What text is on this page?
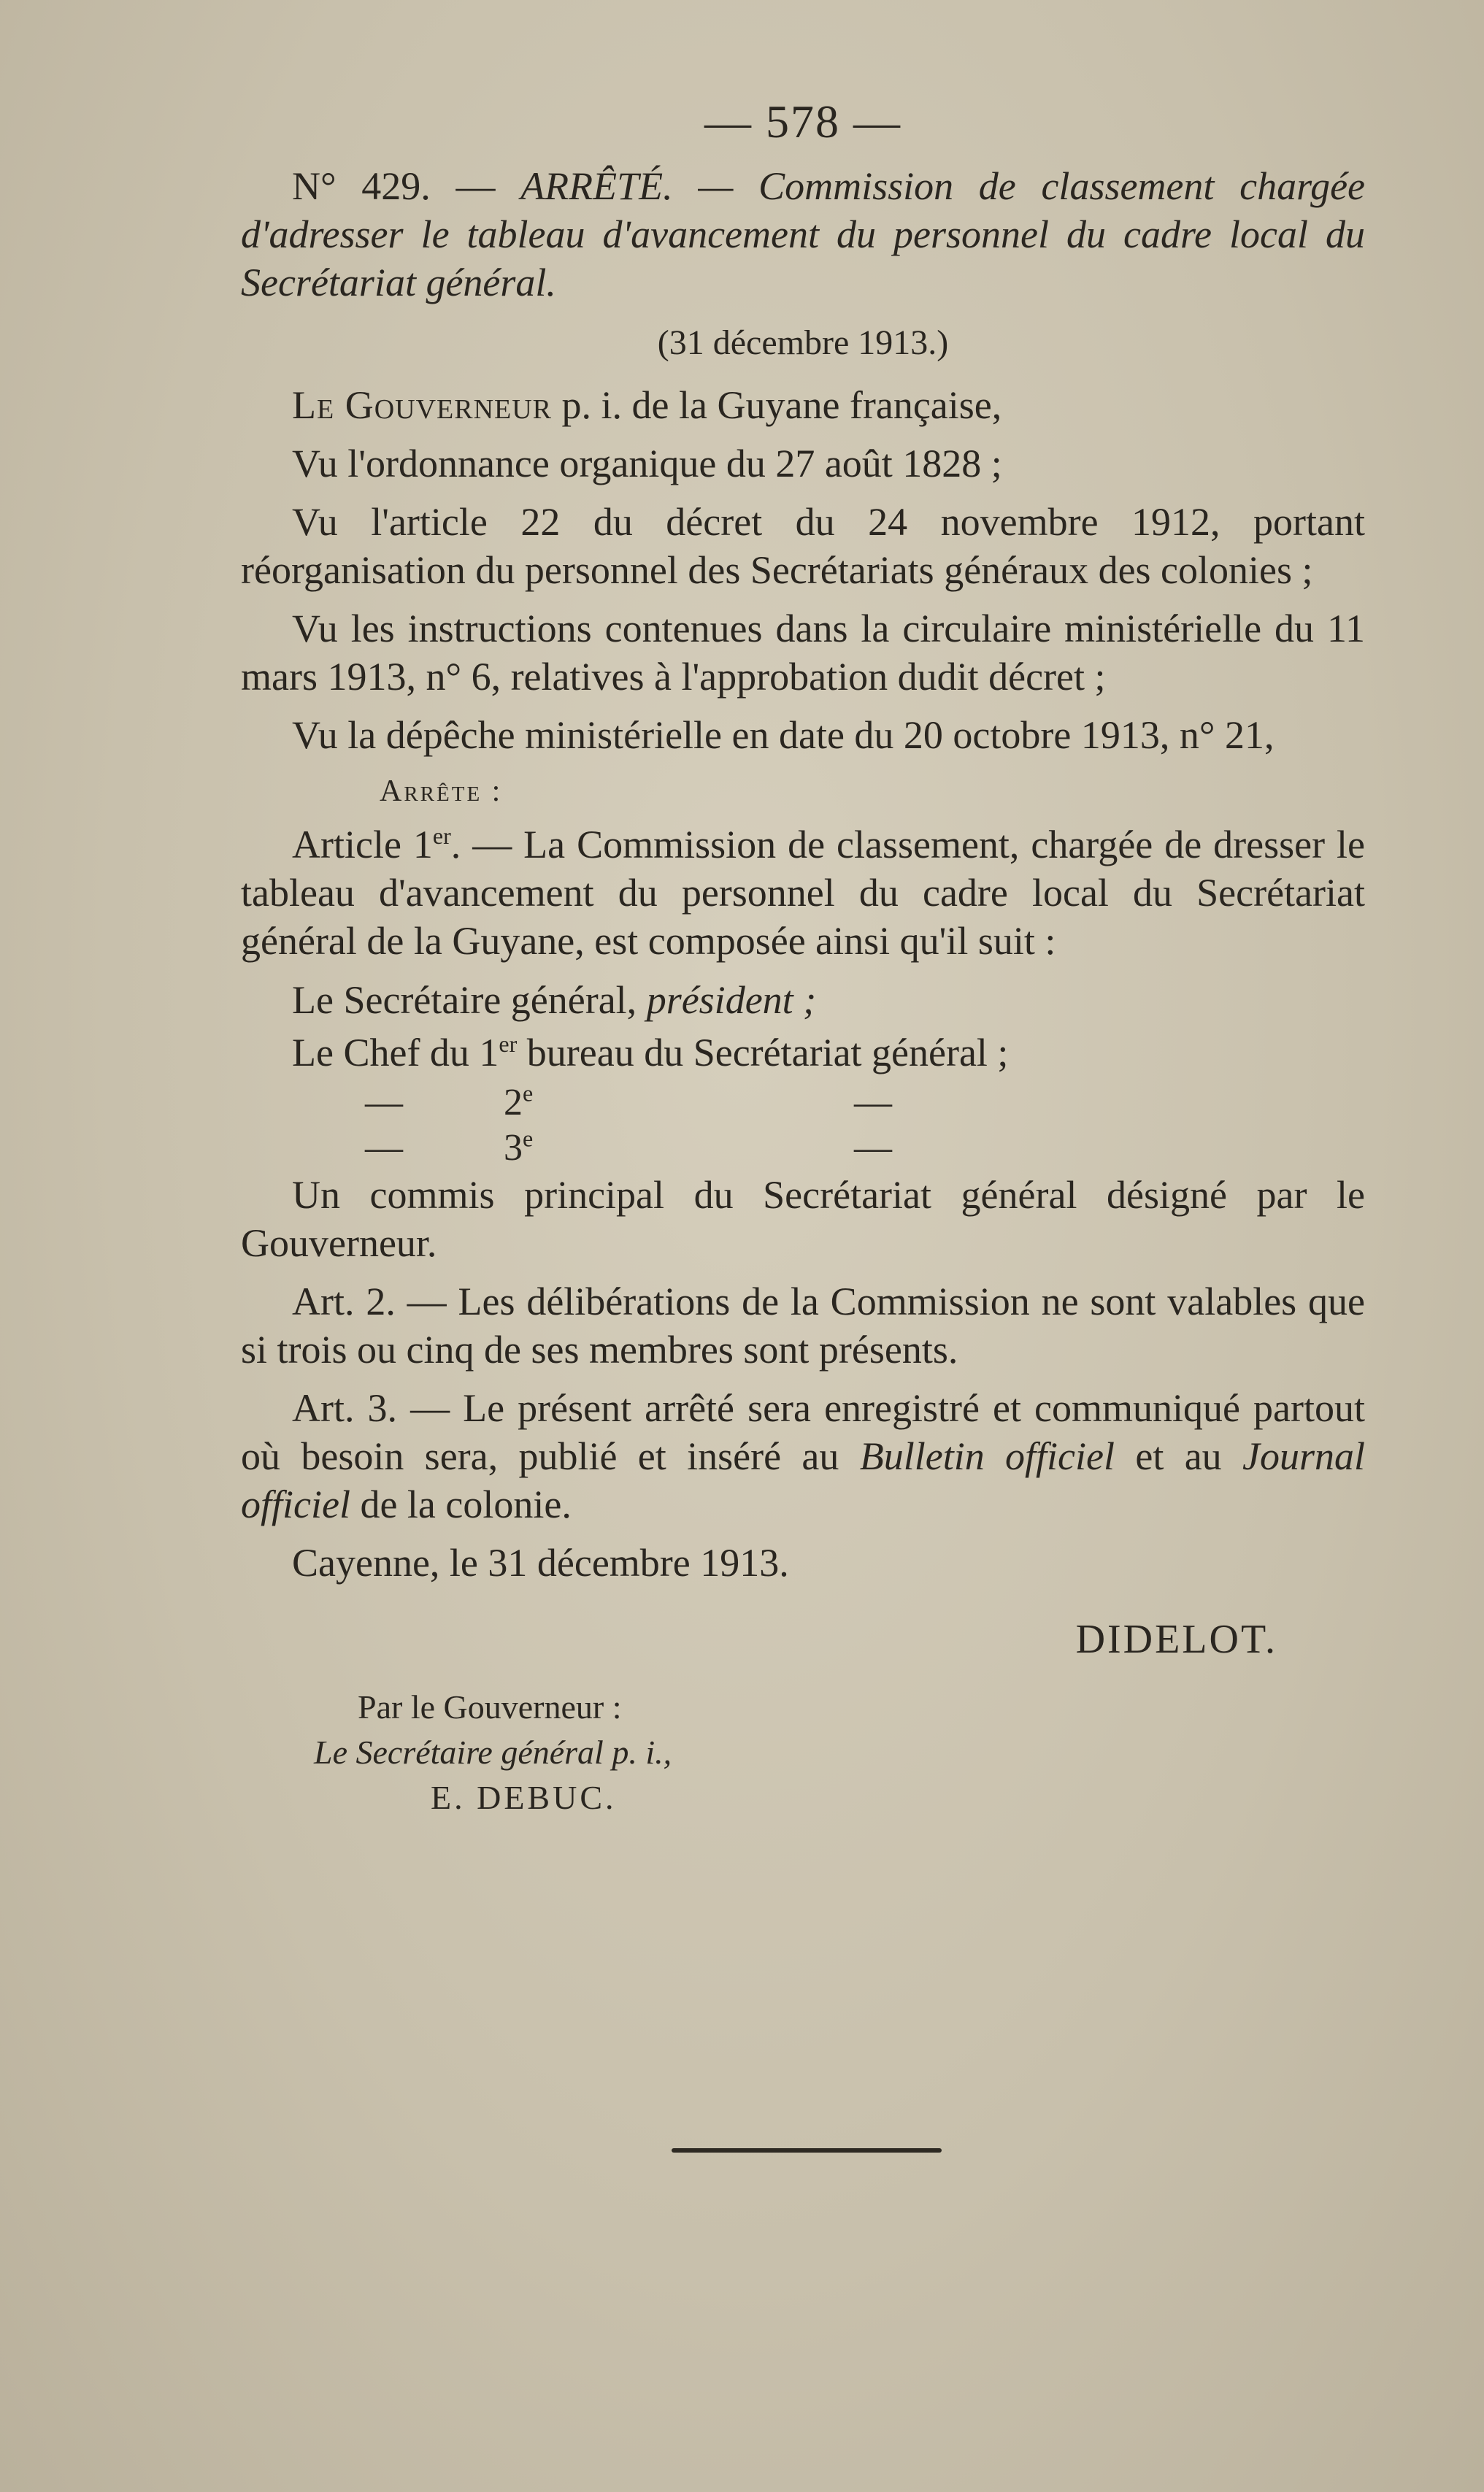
— 578 —

N° 429. — ARRÊTÉ. — Commission de classement chargée d'adresser le tableau d'avancement du personnel du cadre local du Secrétariat général.

(31 décembre 1913.)

Le Gouverneur p. i. de la Guyane française,

Vu l'ordonnance organique du 27 août 1828 ;

Vu l'article 22 du décret du 24 novembre 1912, portant réorganisation du personnel des Secrétariats généraux des colonies ;

Vu les instructions contenues dans la circulaire ministérielle du 11 mars 1913, n° 6, relatives à l'approbation dudit décret ;

Vu la dépêche ministérielle en date du 20 octobre 1913, n° 21,

Arrête :

Article 1er. — La Commission de classement, chargée de dresser le tableau d'avancement du personnel du cadre local du Secrétariat général de la Guyane, est composée ainsi qu'il suit :

Le Secrétaire général, président ;
Le Chef du 1er bureau du Secrétariat général ;
—	2e	—
—	3e	—

Un commis principal du Secrétariat général désigné par le Gouverneur.

Art. 2. — Les délibérations de la Commission ne sont valables que si trois ou cinq de ses membres sont présents.

Art. 3. — Le présent arrêté sera enregistré et communiqué partout où besoin sera, publié et inséré au Bulletin officiel et au Journal officiel de la colonie.

Cayenne, le 31 décembre 1913.

DIDELOT.
Par le Gouverneur :
Le Secrétaire général p. i.,
E. DEBUC.
